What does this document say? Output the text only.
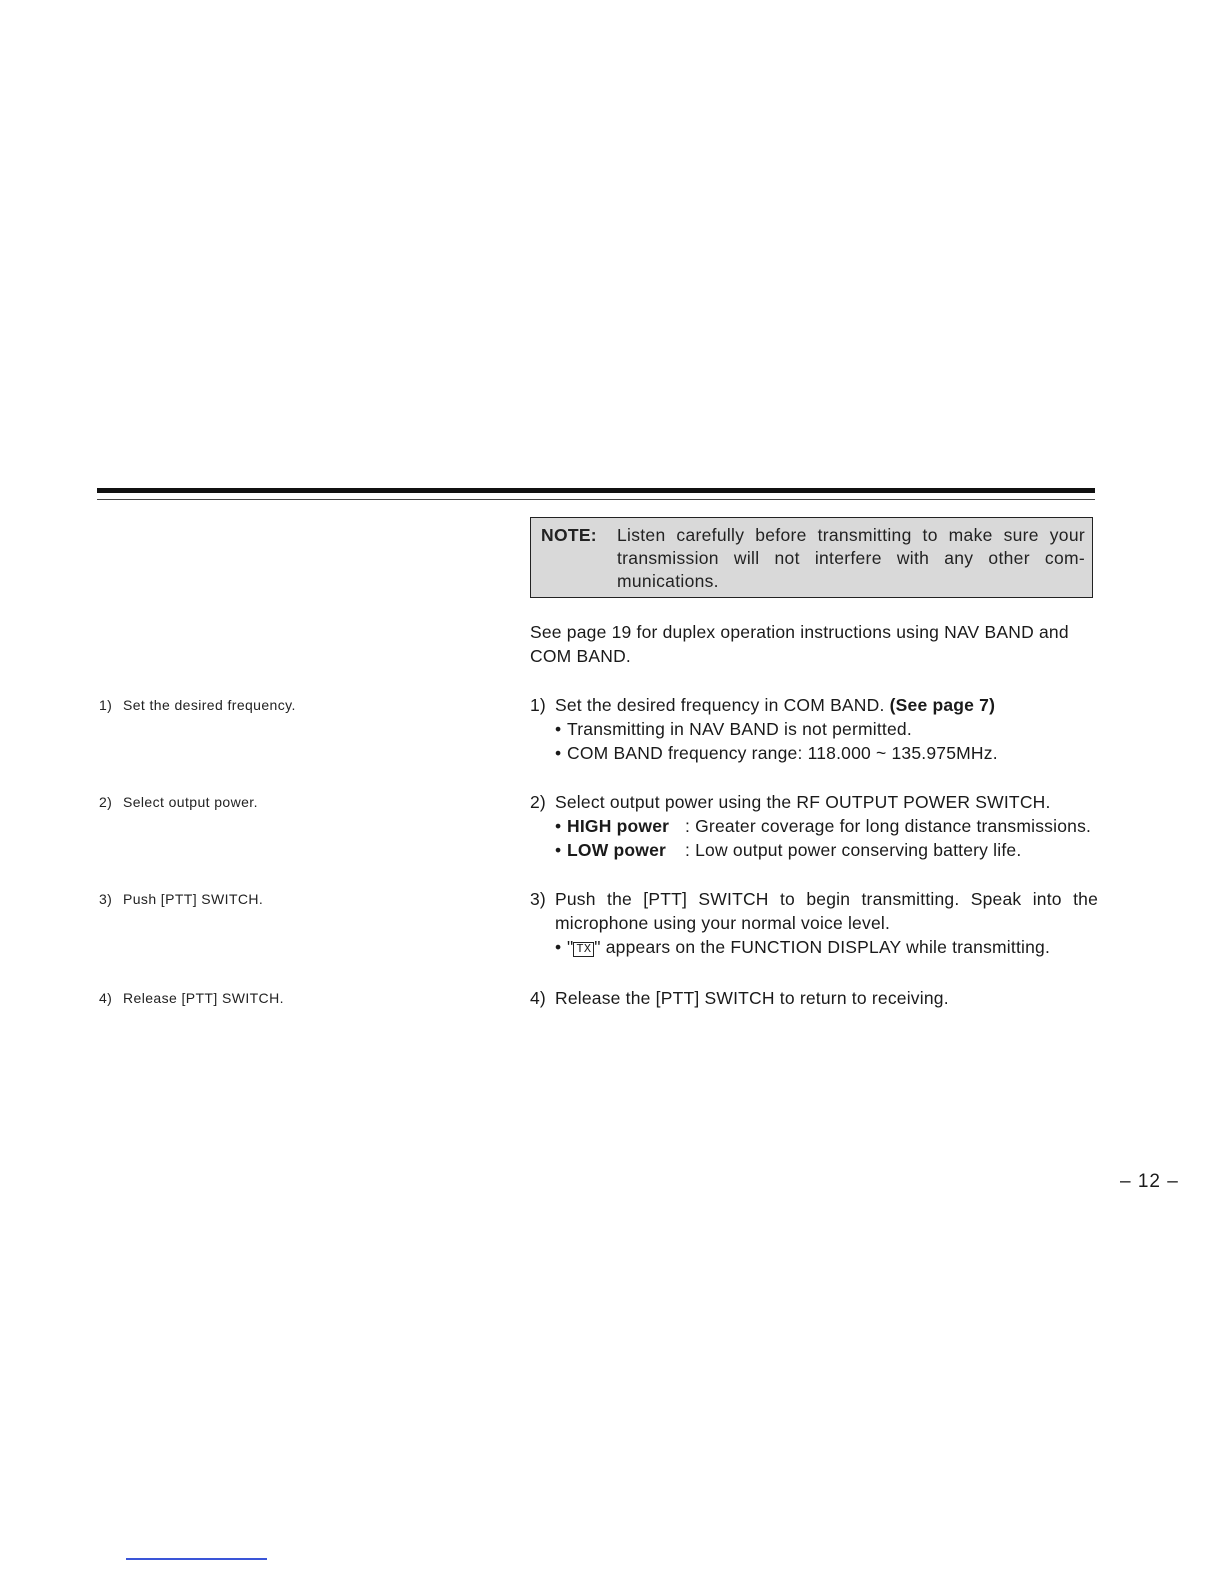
NOTE: Listen carefully before transmitting to make sure your
transmission will not interfere with any other com-
munications.
See page 19 for duplex operation instructions using NAV BAND and COM BAND.
1) Set the desired frequency.
2) Select output power.
3) Push [PTT] SWITCH.
4) Release [PTT] SWITCH.
1) Set the desired frequency in COM BAND. (See page 7)
• Transmitting in NAV BAND is not permitted.
• COM BAND frequency range: 118.000 ~ 135.975MHz.
2) Select output power using the RF OUTPUT POWER SWITCH.
• HIGH power : Greater coverage for long distance transmissions.
• LOW power : Low output power conserving battery life.
3) Push the [PTT] SWITCH to begin transmitting. Speak into the
microphone using your normal voice level.
• " TX " appears on the FUNCTION DISPLAY while transmitting.
4) Release the [PTT] SWITCH to return to receiving.
– 12 –
